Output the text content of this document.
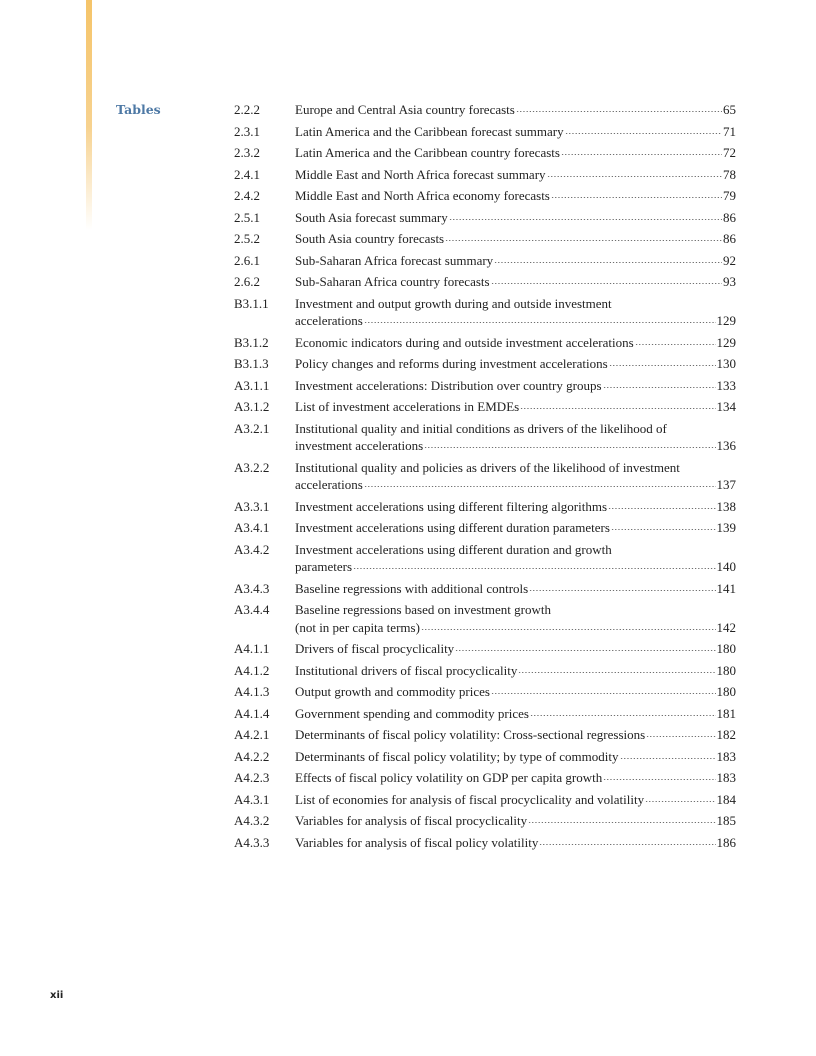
Tables	2.2.2	Europe and Central Asia country forecasts	65
2.3.1	Latin America and the Caribbean forecast summary	71
2.3.2	Latin America and the Caribbean country forecasts	72
2.4.1	Middle East and North Africa forecast summary	78
2.4.2	Middle East and North Africa economy forecasts	79
2.5.1	South Asia forecast summary	86
2.5.2	South Asia country forecasts	86
2.6.1	Sub-Saharan Africa forecast summary	92
2.6.2	Sub-Saharan Africa country forecasts	93
B3.1.1	Investment and output growth during and outside investment
accelerations	129
B3.1.2	Economic indicators during and outside investment accelerations	129
B3.1.3	Policy changes and reforms during investment accelerations	130
A3.1.1	Investment accelerations: Distribution over country groups	133
A3.1.2	List of investment accelerations in EMDEs	134
A3.2.1	Institutional quality and initial conditions as drivers of the likelihood of
investment accelerations	136
A3.2.2	Institutional quality and policies as drivers of the likelihood of investment
accelerations	137
A3.3.1	Investment accelerations using different filtering algorithms	138
A3.4.1	Investment accelerations using different duration parameters	139
A3.4.2	Investment accelerations using different duration and growth
parameters	140
A3.4.3	Baseline regressions with additional controls	141
A3.4.4	Baseline regressions based on investment growth
(not in per capita terms)	142
A4.1.1	Drivers of fiscal procyclicality	180
A4.1.2	Institutional drivers of fiscal procyclicality	180
A4.1.3	Output growth and commodity prices	180
A4.1.4	Government spending and commodity prices	181
A4.2.1	Determinants of fiscal policy volatility: Cross-sectional regressions	182
A4.2.2	Determinants of fiscal policy volatility; by type of commodity	183
A4.2.3	Effects of fiscal policy volatility on GDP per capita growth	183
A4.3.1	List of economies for analysis of fiscal procyclicality and volatility	184
A4.3.2	Variables for analysis of fiscal procyclicality	185
A4.3.3	Variables for analysis of fiscal policy volatility	186
xii
